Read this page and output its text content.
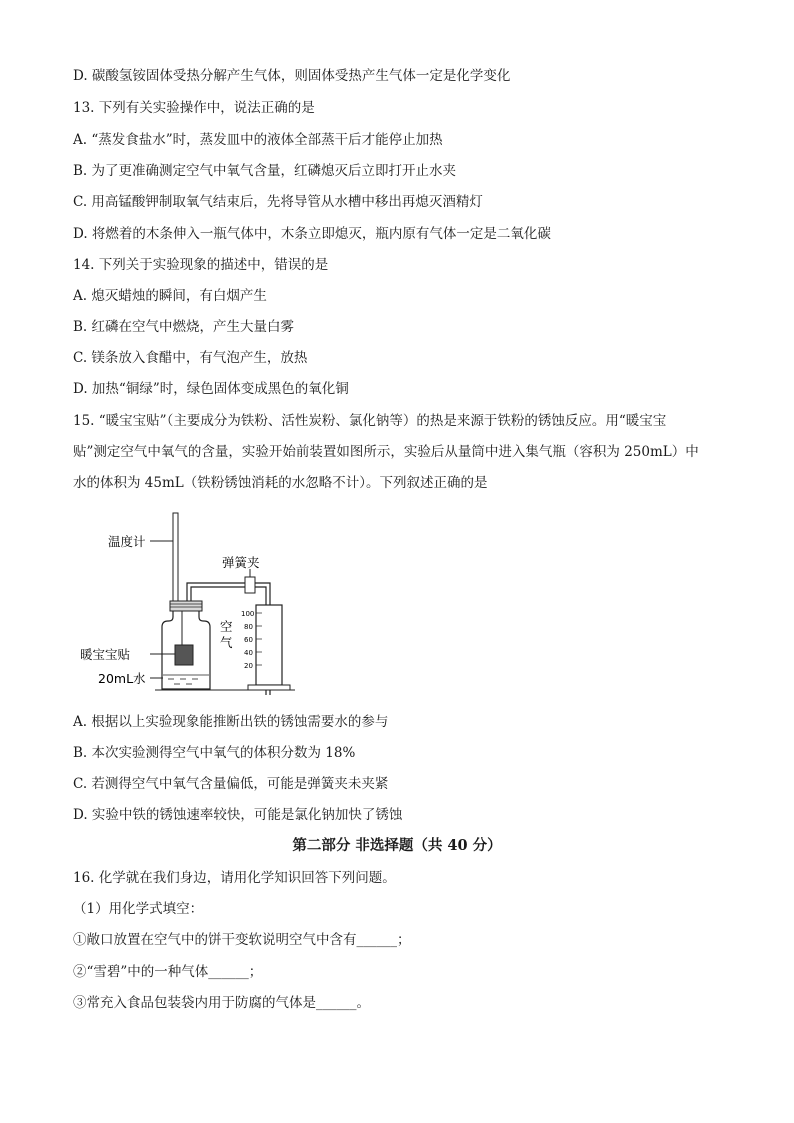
D. 碳酸氢铵固体受热分解产生气体，则固体受热产生气体一定是化学变化
13. 下列有关实验操作中，说法正确的是
A. “蒸发食盐水”时，蒸发皿中的液体全部蒸干后才能停止加热
B. 为了更准确测定空气中氧气含量，红磷熄灭后立即打开止水夹
C. 用高锰酸钾制取氧气结束后，先将导管从水槽中移出再熄灭酒精灯
D. 将燃着的木条伸入一瓶气体中，木条立即熄灭，瓶内原有气体一定是二氧化碳
14. 下列关于实验现象的描述中，错误的是
A. 熄灭蜡烛的瞬间，有白烟产生
B. 红磷在空气中燃烧，产生大量白雾
C. 镁条放入食醋中，有气泡产生，放热
D. 加热“铜绿”时，绿色固体变成黑色的氧化铜
15. “暖宝宝贴”（主要成分为铁粉、活性炭粉、氯化钠等）的热是来源于铁粉的锈蚀反应。用“暖宝宝
贴”测定空气中氧气的含量，实验开始前装置如图所示，实验后从量筒中进入集气瓶（容积为 250mL）中
水的体积为 45mL（铁粉锈蚀消耗的水忽略不计）。下列叙述正确的是
温度计
20mL水
暖宝宝贴
弹簧夹
空
气
100
80
60
40
20
A. 根据以上实验现象能推断出铁的锈蚀需要水的参与
B. 本次实验测得空气中氧气的体积分数为 18%
C. 若测得空气中氧气含量偏低，可能是弹簧夹未夹紧
D. 实验中铁的锈蚀速率较快，可能是氯化钠加快了锈蚀
第二部分 非选择题（共 40 分）
16. 化学就在我们身边，请用化学知识回答下列问题。
（1）用化学式填空：
①敞口放置在空气中的饼干变软说明空气中含有______；
②“雪碧”中的一种气体______；
③常充入食品包装袋内用于防腐的气体是______。
